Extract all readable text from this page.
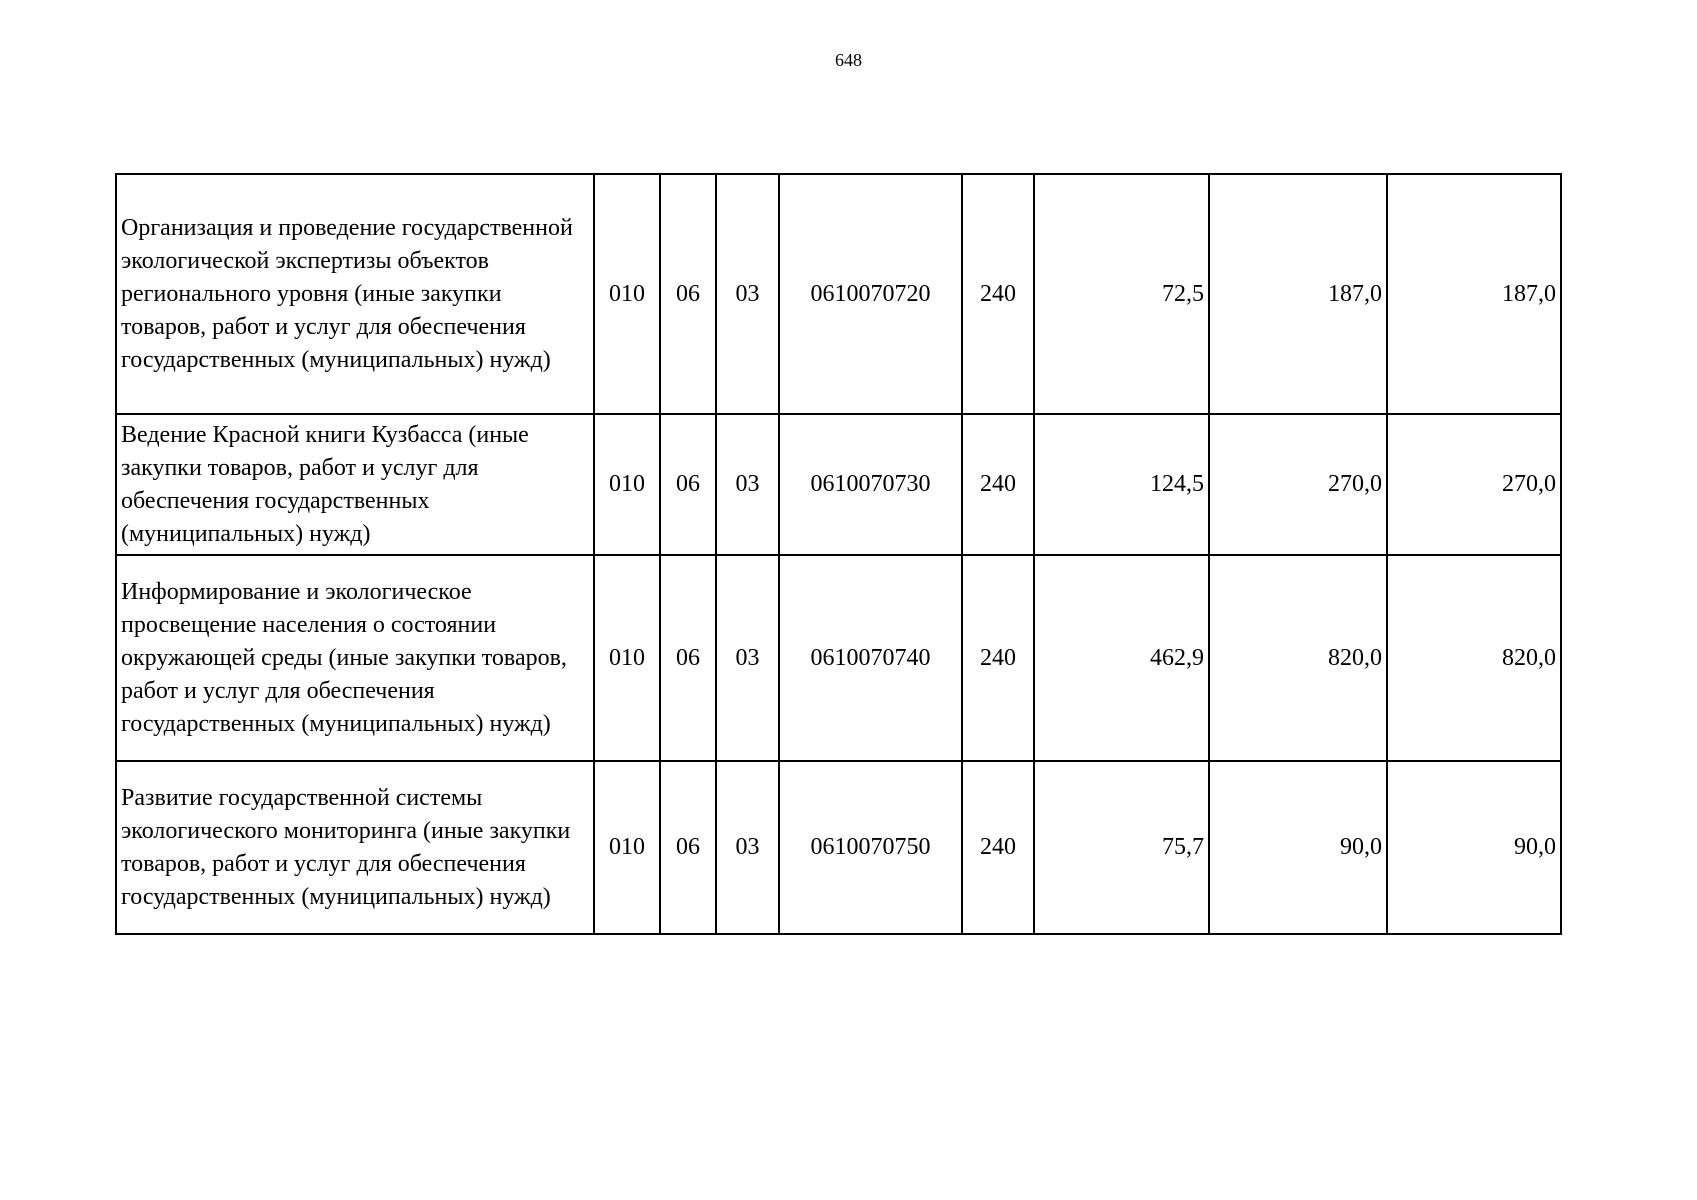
648
Организация и проведение государственной экологической экспертизы объектов регионального уровня (иные закупки товаров, работ и услуг для обеспечения государственных (муниципальных) нужд)	010	06	03	0610070720	240	72,5	187,0	187,0
Ведение Красной книги Кузбасса (иные закупки товаров, работ и услуг для обеспечения государственных (муниципальных) нужд)	010	06	03	0610070730	240	124,5	270,0	270,0
Информирование и экологическое просвещение населения о состоянии окружающей среды (иные закупки товаров, работ и услуг для обеспечения государственных (муниципальных) нужд)	010	06	03	0610070740	240	462,9	820,0	820,0
Развитие государственной системы экологического мониторинга (иные закупки товаров, работ и услуг для обеспечения государственных (муниципальных) нужд)	010	06	03	0610070750	240	75,7	90,0	90,0
